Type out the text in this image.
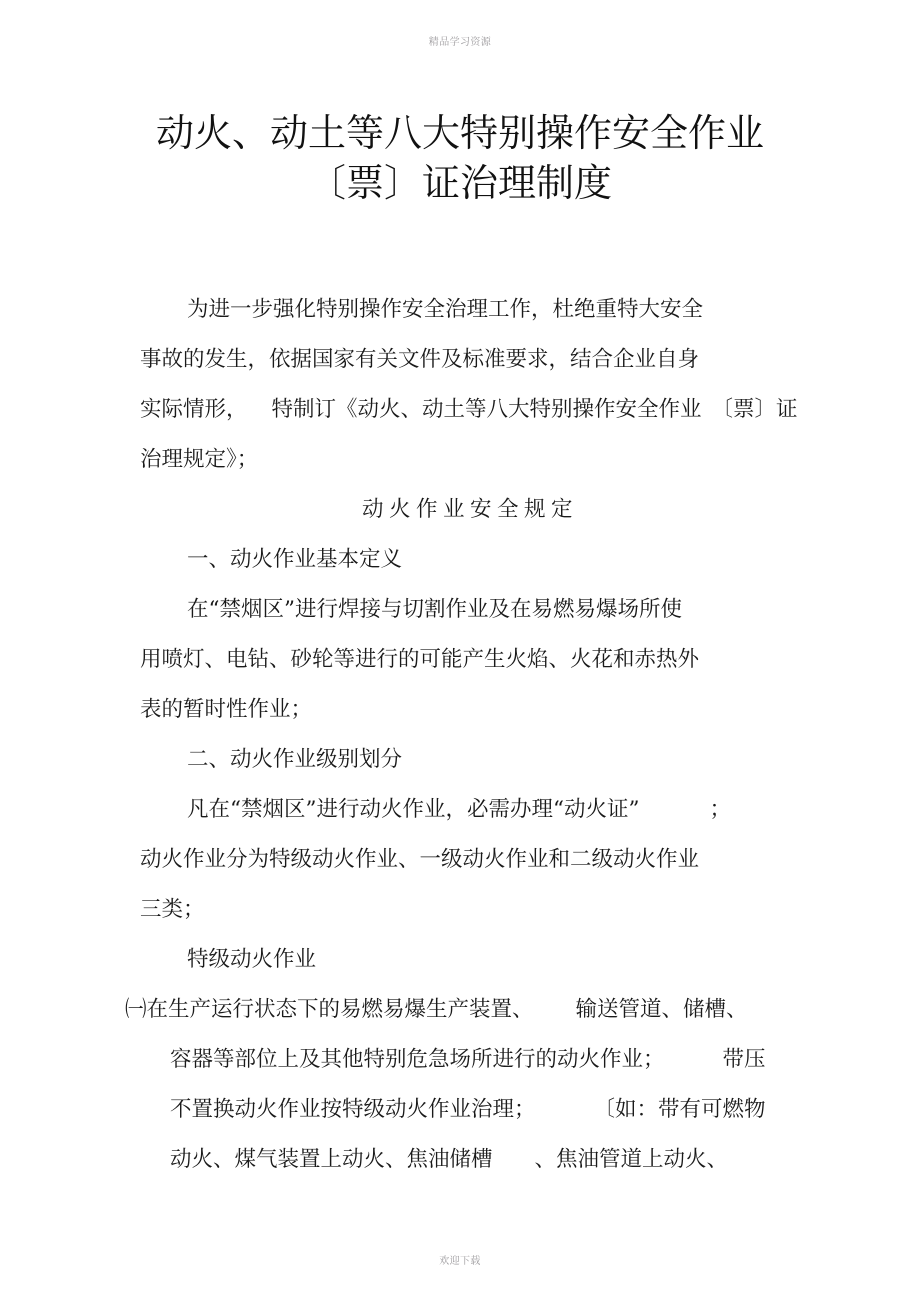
精品学习资源
动火、动土等八大特别操作安全作业
〔票〕证治理制度
为进一步强化特别操作安全治理工作，杜绝重特大安全
事故的发生，依据国家有关文件及标准要求，结合企业自身
实际情形， 特制订《动火、动土等八大特别操作安全作业 〔票〕证
治理规定》；
动火作业安全规定
一、动火作业基本定义
在“禁烟区”进行焊接与切割作业及在易燃易爆场所使
用喷灯、电钻、砂轮等进行的可能产生火焰、火花和赤热外
表的暂时性作业；
二、动火作业级别划分
凡在“禁烟区”进行动火作业，必需办理“动火证”	；
动火作业分为特级动火作业、一级动火作业和二级动火作业
三类；
特级动火作业
㈠在生产运行状态下的易燃易爆生产装置、 输送管道、储槽、
容器等部位上及其他特别危急场所进行的动火作业；	带压
不置换动火作业按特级动火作业治理；	〔如：带有可燃物
动火、煤气装置上动火、焦油储槽 、焦油管道上动火、
欢迎下载
